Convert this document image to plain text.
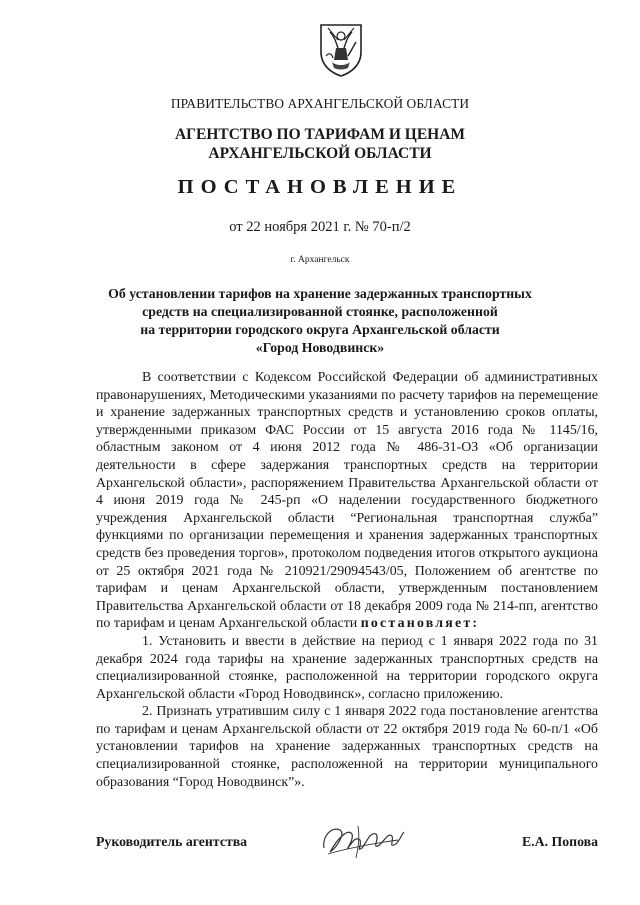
ПРАВИТЕЛЬСТВО АРХАНГЕЛЬСКОЙ ОБЛАСТИ
АГЕНТСТВО ПО ТАРИФАМ И ЦЕНАМ
АРХАНГЕЛЬСКОЙ ОБЛАСТИ
ПОСТАНОВЛЕНИЕ
от 22 ноября 2021 г. № 70-п/2
г. Архангельск
Об установлении тарифов на хранение задержанных транспортных
средств на специализированной стоянке, расположенной
на территории городского округа Архангельской области
«Город Новодвинск»
В соответствии с Кодексом Российской Федерации об административных правонарушениях, Методическими указаниями по расчету тарифов на перемещение и хранение задержанных транспортных средств и установлению сроков оплаты, утвержденными приказом ФАС России от 15 августа 2016 года № 1145/16, областным законом от 4 июня 2012 года № 486-31-ОЗ «Об организации деятельности в сфере задержания транспортных средств на территории Архангельской области», распоряжением Правительства Архангельской области от 4 июня 2019 года № 245-рп «О наделении государственного бюджетного учреждения Архангельской области “Региональная транспортная служба” функциями по организации перемещения и хранения задержанных транспортных средств без проведения торгов», протоколом подведения итогов открытого аукциона от 25 октября 2021 года № 210921/29094543/05, Положением об агентстве по тарифам и ценам Архангельской области, утвержденным постановлением Правительства Архангельской области от 18 декабря 2009 года № 214-пп, агентство по тарифам и ценам Архангельской области постановляет:
1. Установить и ввести в действие на период с 1 января 2022 года по 31 декабря 2024 года тарифы на хранение задержанных транспортных средств на специализированной стоянке, расположенной на территории городского округа Архангельской области «Город Новодвинск», согласно приложению.
2. Признать утратившим силу с 1 января 2022 года постановление агентства по тарифам и ценам Архангельской области от 22 октября 2019 года № 60-п/1 «Об установлении тарифов на хранение задержанных транспортных средств на специализированной стоянке, расположенной на территории муниципального образования “Город Новодвинск”».
Руководитель агентства	Е.А. Попова
